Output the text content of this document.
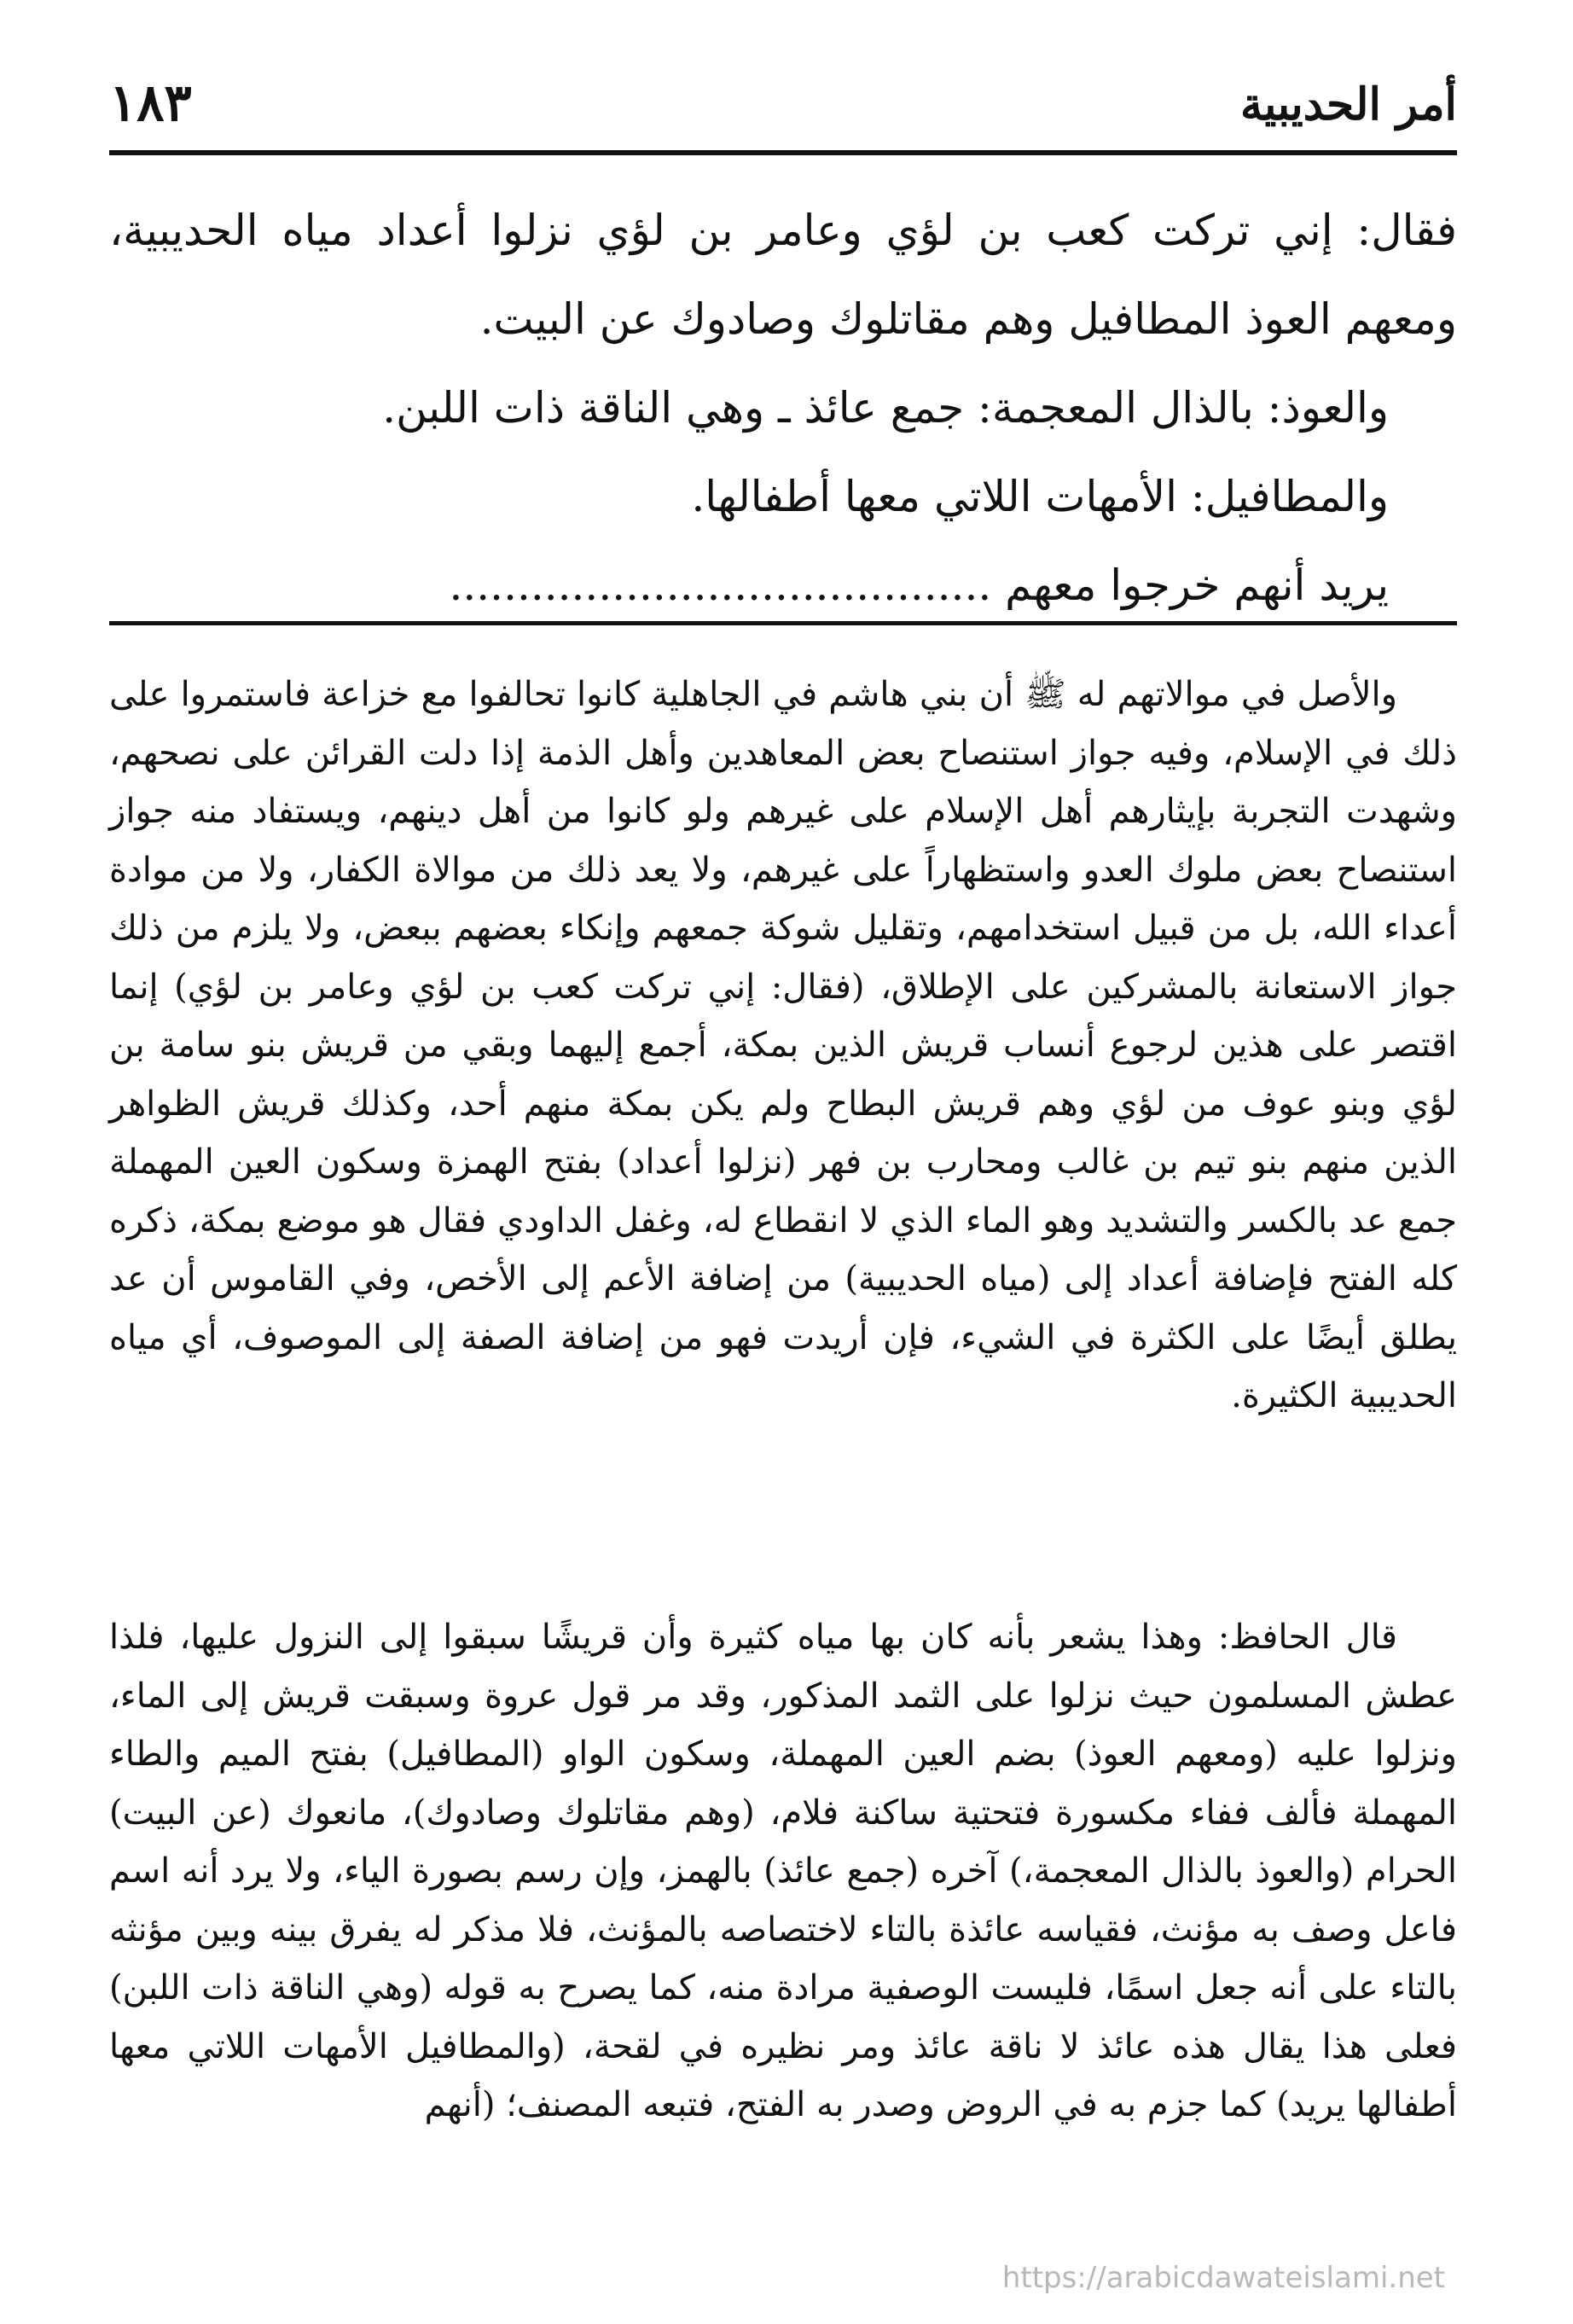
أمر الحديبية
١٨٣

فقال: إني تركت كعب بن لؤي وعامر بن لؤي نزلوا أعداد مياه الحديبية، ومعهم العوذ المطافيل وهم مقاتلوك وصادوك عن البيت.

والعوذ: بالذال المعجمة: جمع عائذ ـ وهي الناقة ذات اللبن.

والمطافيل: الأمهات اللاتي معها أطفالها.

يريد أنهم خرجوا معهم ........................................

والأصل في موالاتهم له ﷺ أن بني هاشم في الجاهلية كانوا تحالفوا مع خزاعة فاستمروا على ذلك في الإسلام، وفيه جواز استنصاح بعض المعاهدين وأهل الذمة إذا دلت القرائن على نصحهم، وشهدت التجربة بإيثارهم أهل الإسلام على غيرهم ولو كانوا من أهل دينهم، ويستفاد منه جواز استنصاح بعض ملوك العدو واستظهاراً على غيرهم، ولا يعد ذلك من موالاة الكفار، ولا من موادة أعداء الله، بل من قبيل استخدامهم، وتقليل شوكة جمعهم وإنكاء بعضهم ببعض، ولا يلزم من ذلك جواز الاستعانة بالمشركين على الإطلاق، (فقال: إني تركت كعب بن لؤي وعامر بن لؤي) إنما اقتصر على هذين لرجوع أنساب قريش الذين بمكة، أجمع إليهما وبقي من قريش بنو سامة بن لؤي وبنو عوف من لؤي وهم قريش البطاح ولم يكن بمكة منهم أحد، وكذلك قريش الظواهر الذين منهم بنو تيم بن غالب ومحارب بن فهر (نزلوا أعداد) بفتح الهمزة وسكون العين المهملة جمع عد بالكسر والتشديد وهو الماء الذي لا انقطاع له، وغفل الداودي فقال هو موضع بمكة، ذكره كله الفتح فإضافة أعداد إلى (مياه الحديبية) من إضافة الأعم إلى الأخص، وفي القاموس أن عد يطلق أيضًا على الكثرة في الشيء، فإن أريدت فهو من إضافة الصفة إلى الموصوف، أي مياه الحديبية الكثيرة.

قال الحافظ: وهذا يشعر بأنه كان بها مياه كثيرة وأن قريشًا سبقوا إلى النزول عليها، فلذا عطش المسلمون حيث نزلوا على الثمد المذكور، وقد مر قول عروة وسبقت قريش إلى الماء، ونزلوا عليه (ومعهم العوذ) بضم العين المهملة، وسكون الواو (المطافيل) بفتح الميم والطاء المهملة فألف ففاء مكسورة فتحتية ساكنة فلام، (وهم مقاتلوك وصادوك)، مانعوك (عن البيت) الحرام (والعوذ بالذال المعجمة،) آخره (جمع عائذ) بالهمز، وإن رسم بصورة الياء، ولا يرد أنه اسم فاعل وصف به مؤنث، فقياسه عائذة بالتاء لاختصاصه بالمؤنث، فلا مذكر له يفرق بينه وبين مؤنثه بالتاء على أنه جعل اسمًا، فليست الوصفية مرادة منه، كما يصرح به قوله (وهي الناقة ذات اللبن) فعلى هذا يقال هذه عائذ لا ناقة عائذ ومر نظيره في لقحة، (والمطافيل الأمهات اللاتي معها أطفالها يريد) كما جزم به في الروض وصدر به الفتح، فتبعه المصنف؛ (أنهم

https://arabicdawateislami.net
